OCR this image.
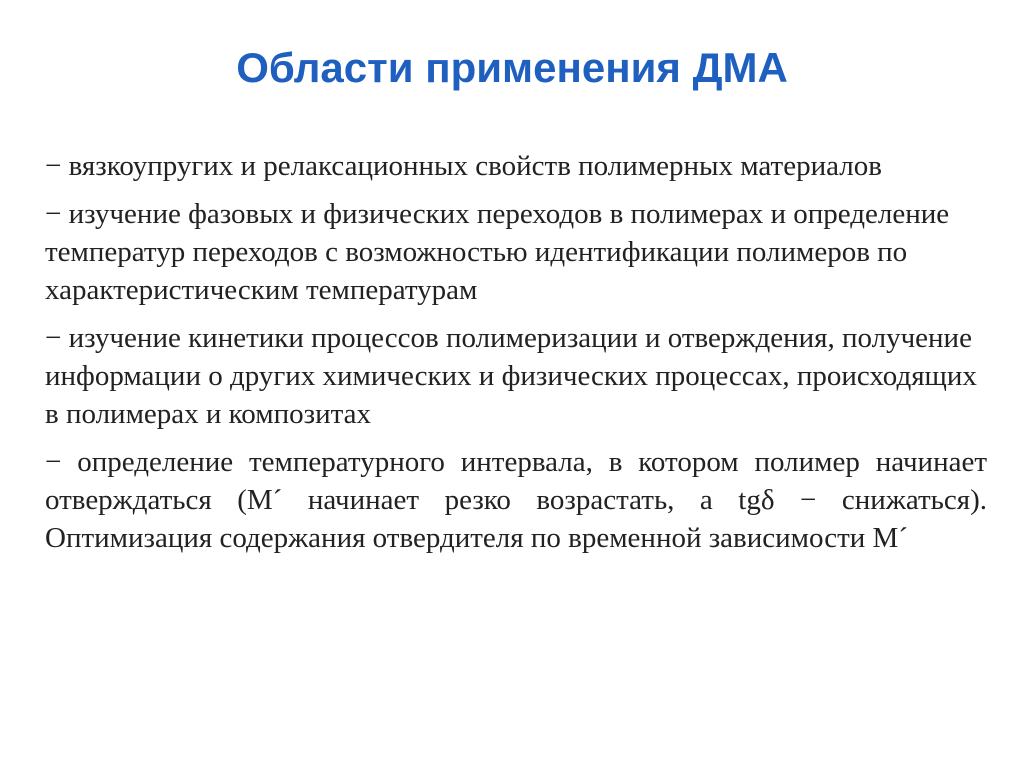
Области применения ДМА
− вязкоупругих и релаксационных свойств полимерных материалов
− изучение фазовых и физических переходов в полимерах и определение температур переходов с возможностью идентификации полимеров по характеристическим температурам
− изучение кинетики процессов полимеризации и отверждения, получение информации о других химических и физических процессах, происходящих в полимерах и композитах
− определение температурного интервала, в котором полимер начинает отверждаться (М´ начинает резко возрастать, а tgδ − снижаться). Оптимизация содержания отвердителя по временной зависимости М´
